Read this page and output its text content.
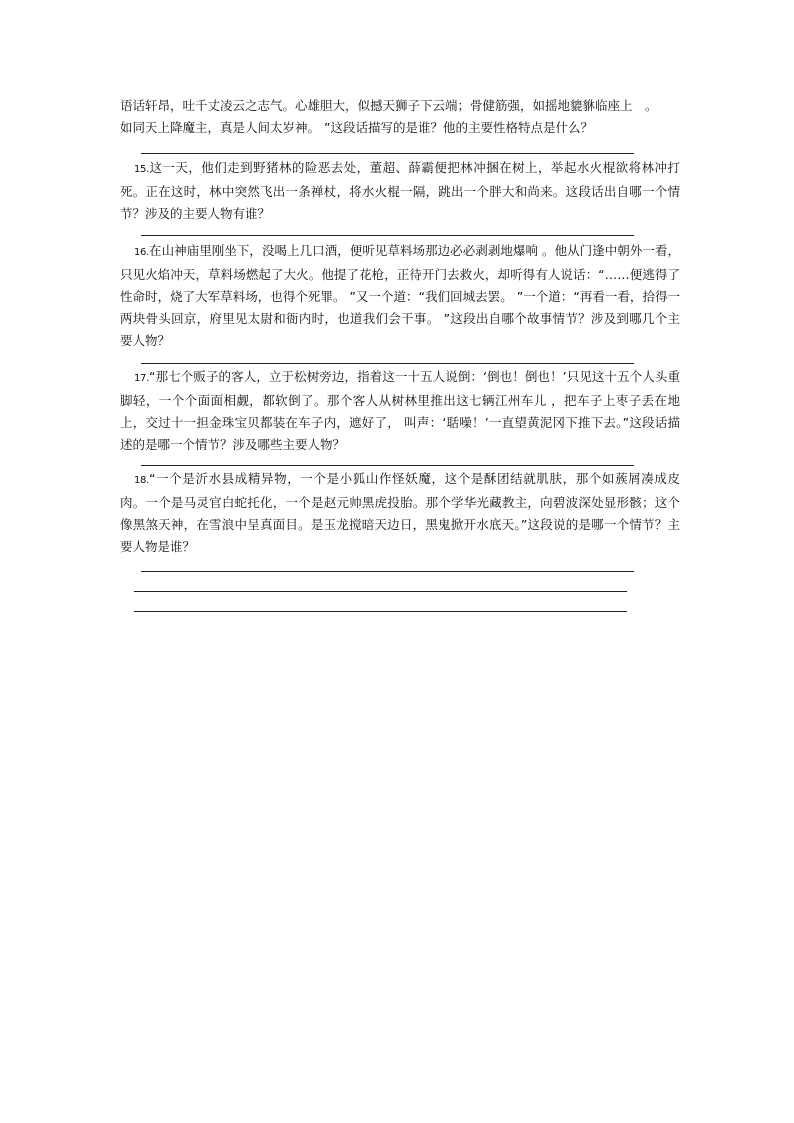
语话轩昂，吐千丈凌云之志气。心雄胆大，似撼天狮子下云端；骨健筋强，如摇地貔貅临座上　。
如同天上降魔主，真是人间太岁神。 ”这段话描写的是谁？他的主要性格特点是什么？

15.这一天，他们走到野猪林的险恶去处，董超、薛霸便把林冲捆在树上，举起水火棍欲将林冲打死。正在这时，林中突然飞出一条禅杖，将水火棍一隔，跳出一个胖大和尚来。这段话出自哪一个情节？涉及的主要人物有谁？

16.在山神庙里刚坐下，没喝上几口酒，便听见草料场那边必必剥剥地爆响 。他从门逢中朝外一看，只见火焰冲天，草料场燃起了大火。他提了花枪，正待开门去救火，却听得有人说话：“……便逃得了性命时，烧了大军草料场，也得个死罪。 ”又一个道：“我们回城去罢。 ”一个道：“再看一看，拾得一两块骨头回京，府里见太尉和衙内时，也道我们会干事。 ”这段出自哪个故事情节？涉及到哪几个主要人物？

17.“那七个贩子的客人，立于松树旁边，指着这一十五人说倒：‘倒也！倒也！’只见这十五个人头重脚轻，一个个面面相觑，都软倒了。那个客人从树林里推出这七辆江州车儿 ，把车子上枣子丢在地上，交过十一担金珠宝贝都装在车子内，遮好了， 叫声：‘聒噪！’一直望黄泥冈下推下去。”这段话描述的是哪一个情节？涉及哪些主要人物？

18.“一个是沂水县成精异物，一个是小狐山作怪妖魔，这个是酥团结就肌肤，那个如蔟屑凑成皮肉。一个是马灵官白蛇托化，一个是赵元帅黑虎投胎。那个学华光藏教主，向碧波深处显形骸；这个像黑煞天神，在雪浪中呈真面目。是玉龙搅暗天边日，黑鬼掀开水底天。”这段说的是哪一个情节？主要人物是谁？
